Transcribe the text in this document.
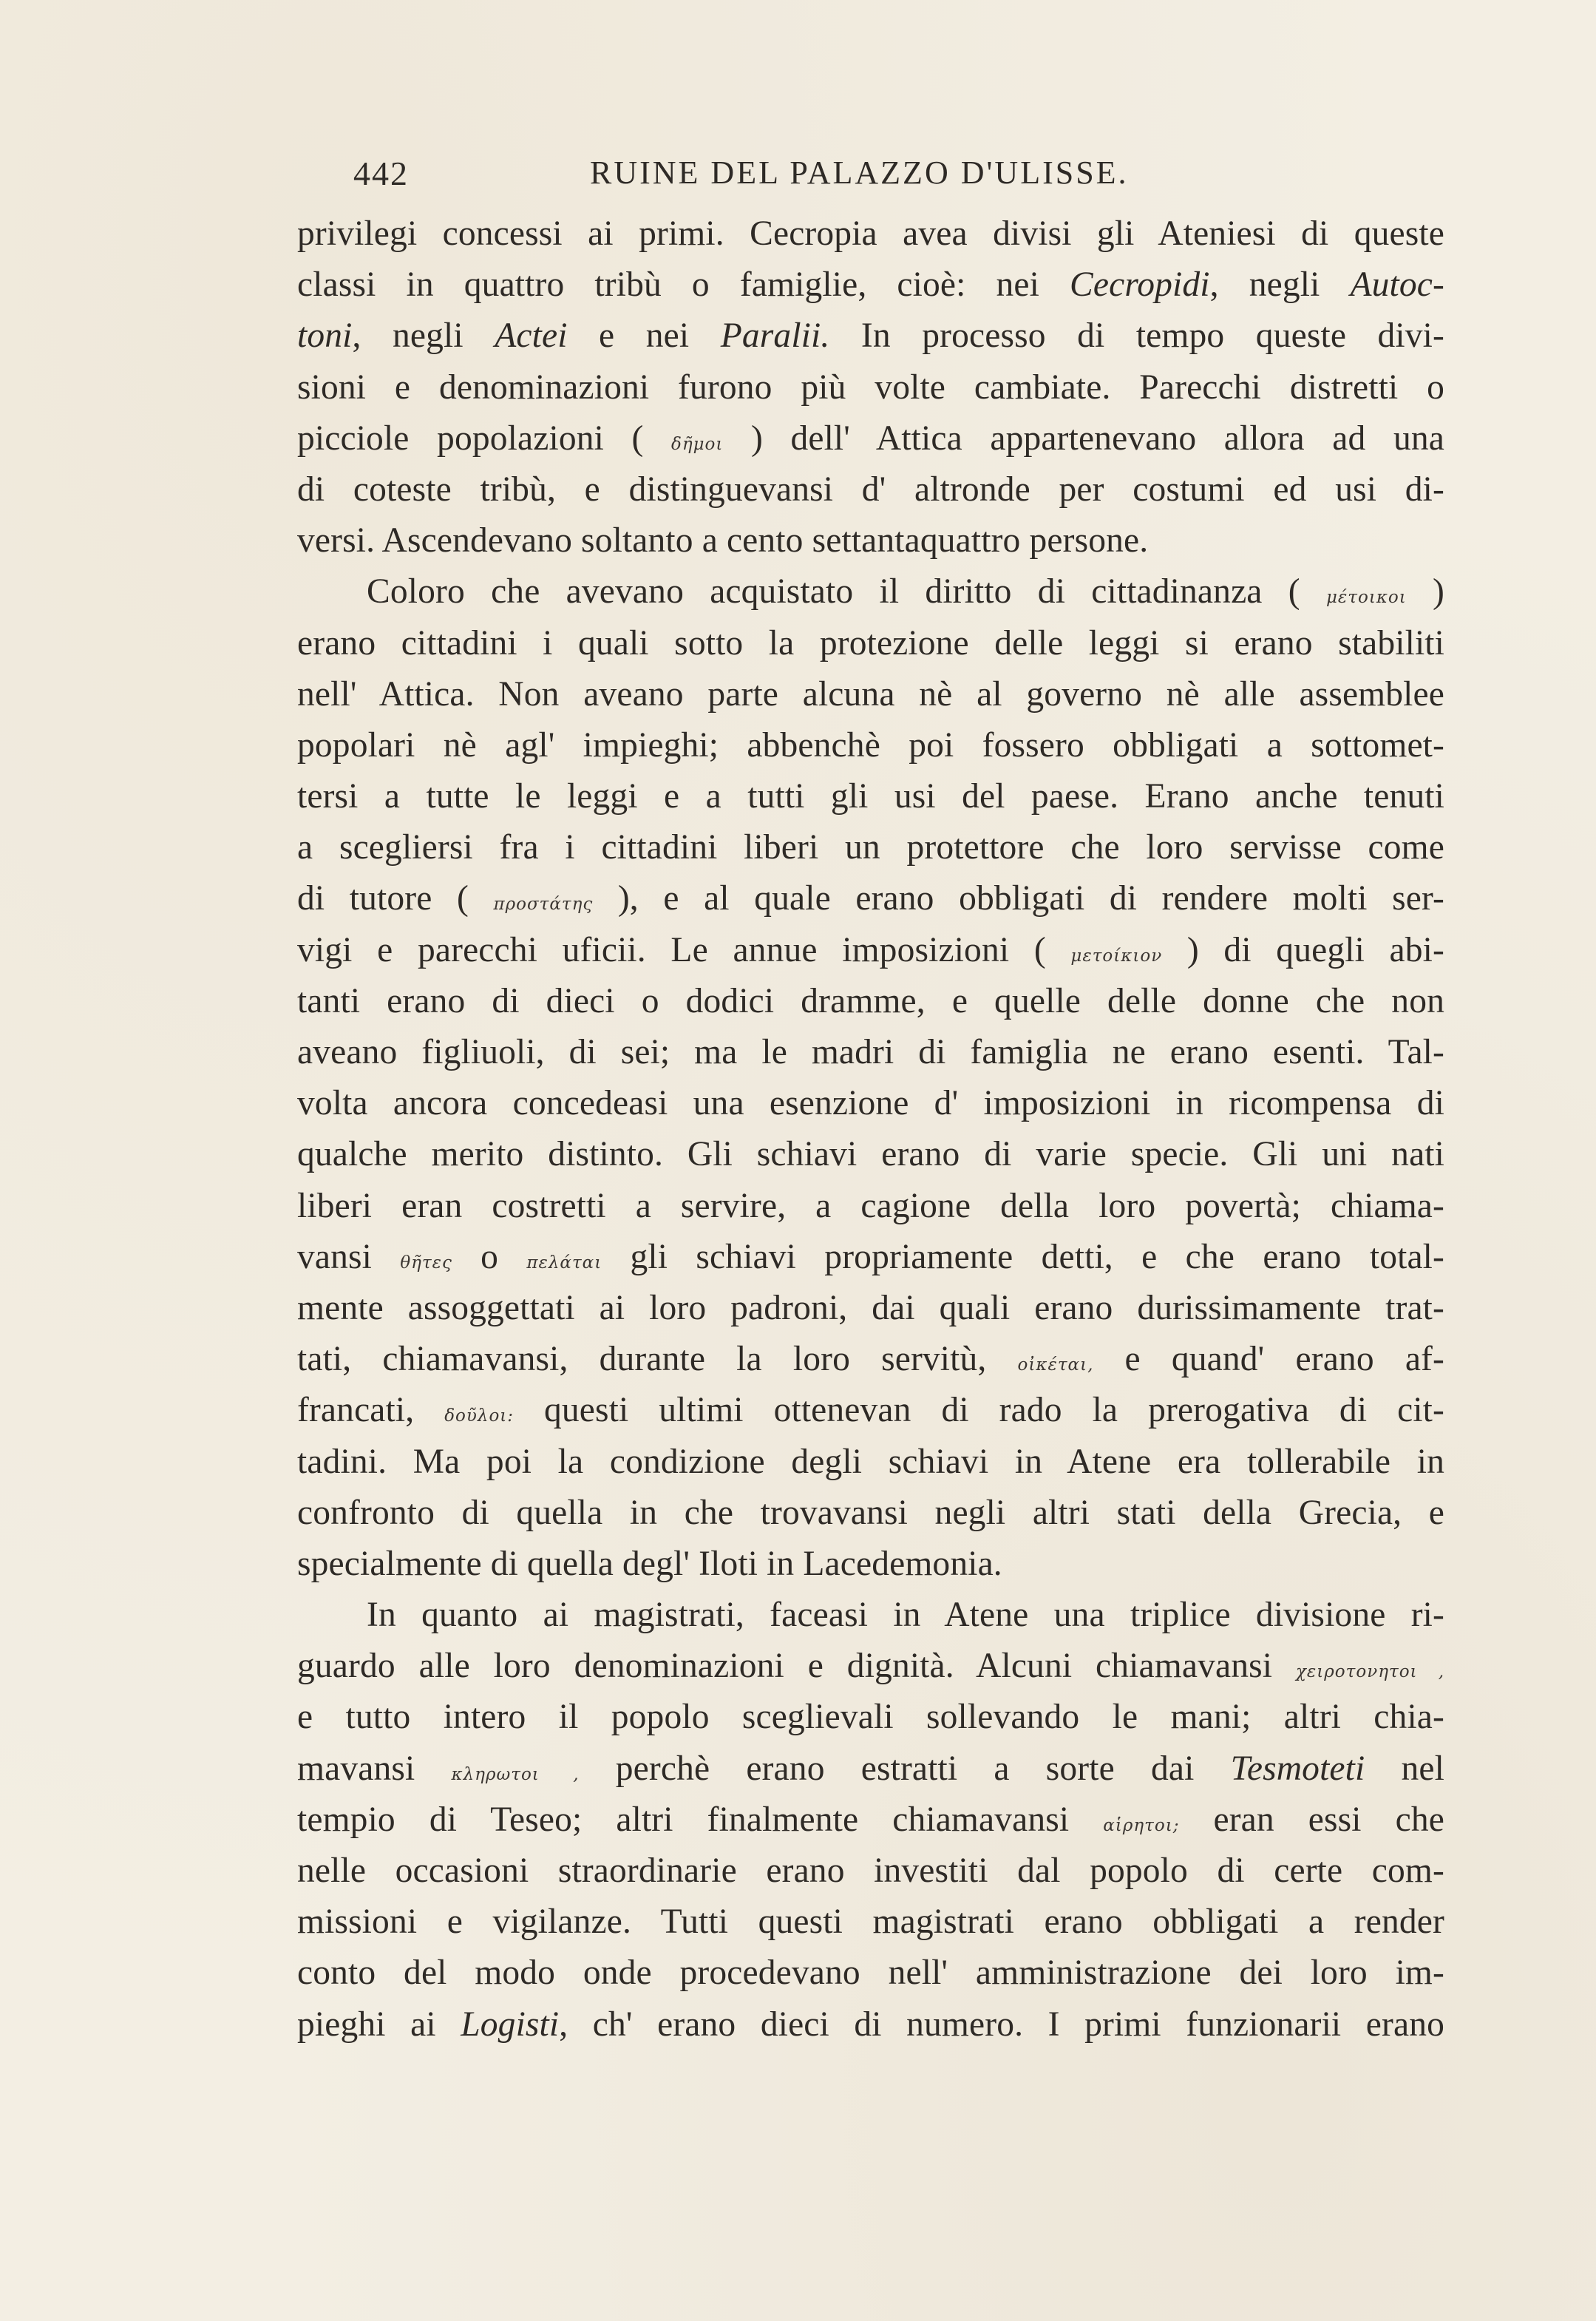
442	RUINE DEL PALAZZO D'ULISSE.
privilegi concessi ai primi. Cecropia avea divisi gli Ateniesi di queste
classi in quattro tribù o famiglie, cioè: nei Cecropidi, negli Autoc-
toni, negli Actei e nei Paralii. In processo di tempo queste divi-
sioni e denominazioni furono più volte cambiate. Parecchi distretti o
picciole popolazioni ( δῆμοι ) dell' Attica appartenevano allora ad una
di coteste tribù, e distinguevansi d' altronde per costumi ed usi di-
versi. Ascendevano soltanto a cento settantaquattro persone.
Coloro che avevano acquistato il diritto di cittadinanza ( μέτοικοι )
erano cittadini i quali sotto la protezione delle leggi si erano stabiliti
nell' Attica. Non aveano parte alcuna nè al governo nè alle assemblee
popolari nè agl' impieghi; abbenchè poi fossero obbligati a sottomet-
tersi a tutte le leggi e a tutti gli usi del paese. Erano anche tenuti
a scegliersi fra i cittadini liberi un protettore che loro servisse come
di tutore ( προστάτης ), e al quale erano obbligati di rendere molti ser-
vigi e parecchi uficii. Le annue imposizioni ( μετοίκιον ) di quegli abi-
tanti erano di dieci o dodici dramme, e quelle delle donne che non
aveano figliuoli, di sei; ma le madri di famiglia ne erano esenti. Tal-
volta ancora concedeasi una esenzione d' imposizioni in ricompensa di
qualche merito distinto. Gli schiavi erano di varie specie. Gli uni nati
liberi eran costretti a servire, a cagione della loro povertà; chiama-
vansi θῆτες o πελάται gli schiavi propriamente detti, e che erano total-
mente assoggettati ai loro padroni, dai quali erano durissimamente trat-
tati, chiamavansi, durante la loro servitù, οἰκέται, e quand' erano af-
francati, δοῦλοι: questi ultimi ottenevan di rado la prerogativa di cit-
tadini. Ma poi la condizione degli schiavi in Atene era tollerabile in
confronto di quella in che trovavansi negli altri stati della Grecia, e
specialmente di quella degl' Iloti in Lacedemonia.
In quanto ai magistrati, faceasi in Atene una triplice divisione ri-
guardo alle loro denominazioni e dignità. Alcuni chiamavansi χειροτονητοι ,
e tutto intero il popolo sceglievali sollevando le mani; altri chia-
mavansi κληρωτοι , perchè erano estratti a sorte dai Tesmoteti nel
tempio di Teseo; altri finalmente chiamavansi αἱρητοι; eran essi che
nelle occasioni straordinarie erano investiti dal popolo di certe com-
missioni e vigilanze. Tutti questi magistrati erano obbligati a render
conto del modo onde procedevano nell' amministrazione dei loro im-
pieghi ai Logisti, ch' erano dieci di numero. I primi funzionarii erano
